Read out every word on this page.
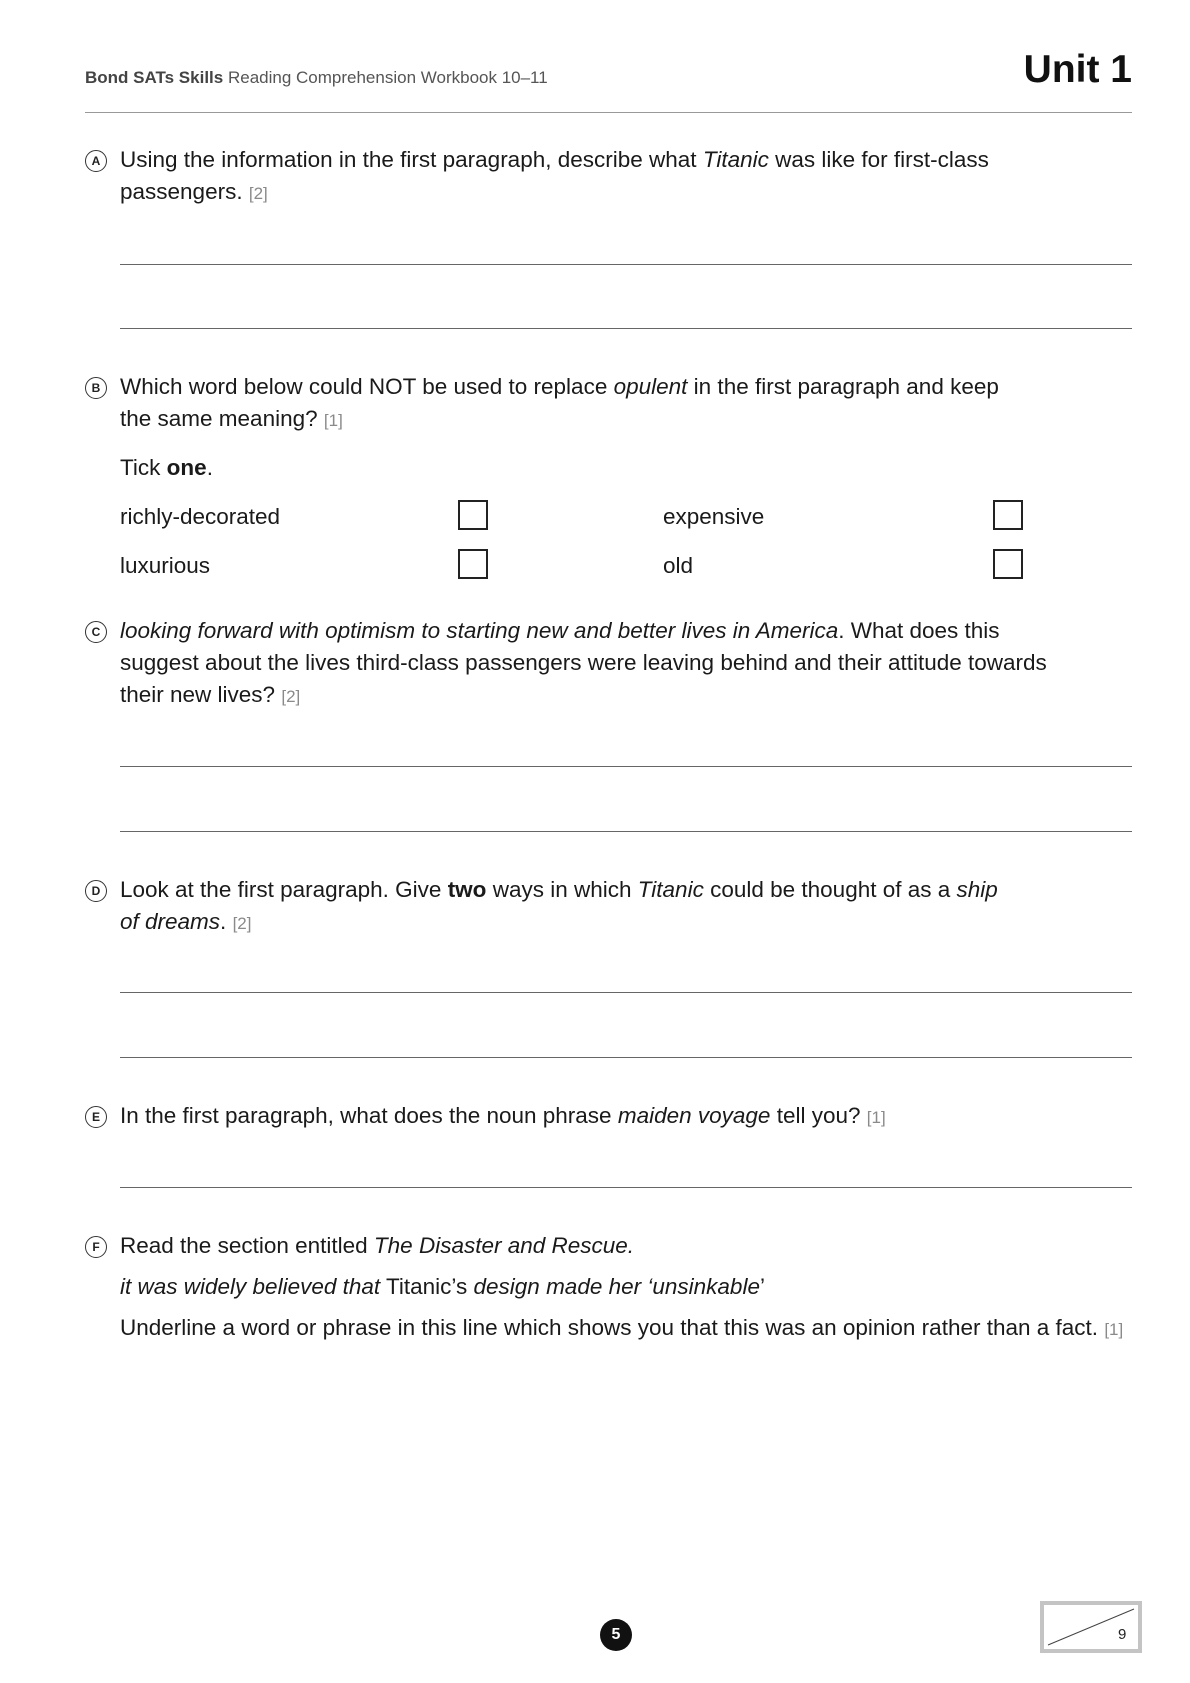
Bond SATs Skills Reading Comprehension Workbook 10–11	Unit 1
A Using the information in the first paragraph, describe what Titanic was like for first-class
passengers. [2]
B Which word below could NOT be used to replace opulent in the first paragraph and keep
the same meaning? [1]
Tick one.
richly-decorated	expensive
luxurious	old
C looking forward with optimism to starting new and better lives in America. What does this
suggest about the lives third-class passengers were leaving behind and their attitude towards
their new lives? [2]
D Look at the first paragraph. Give two ways in which Titanic could be thought of as a ship
of dreams. [2]
E In the first paragraph, what does the noun phrase maiden voyage tell you? [1]
F Read the section entitled The Disaster and Rescue.
it was widely believed that Titanic’s design made her ‘unsinkable’
Underline a word or phrase in this line which shows you that this was an opinion rather than a fact. [1]
5	9
